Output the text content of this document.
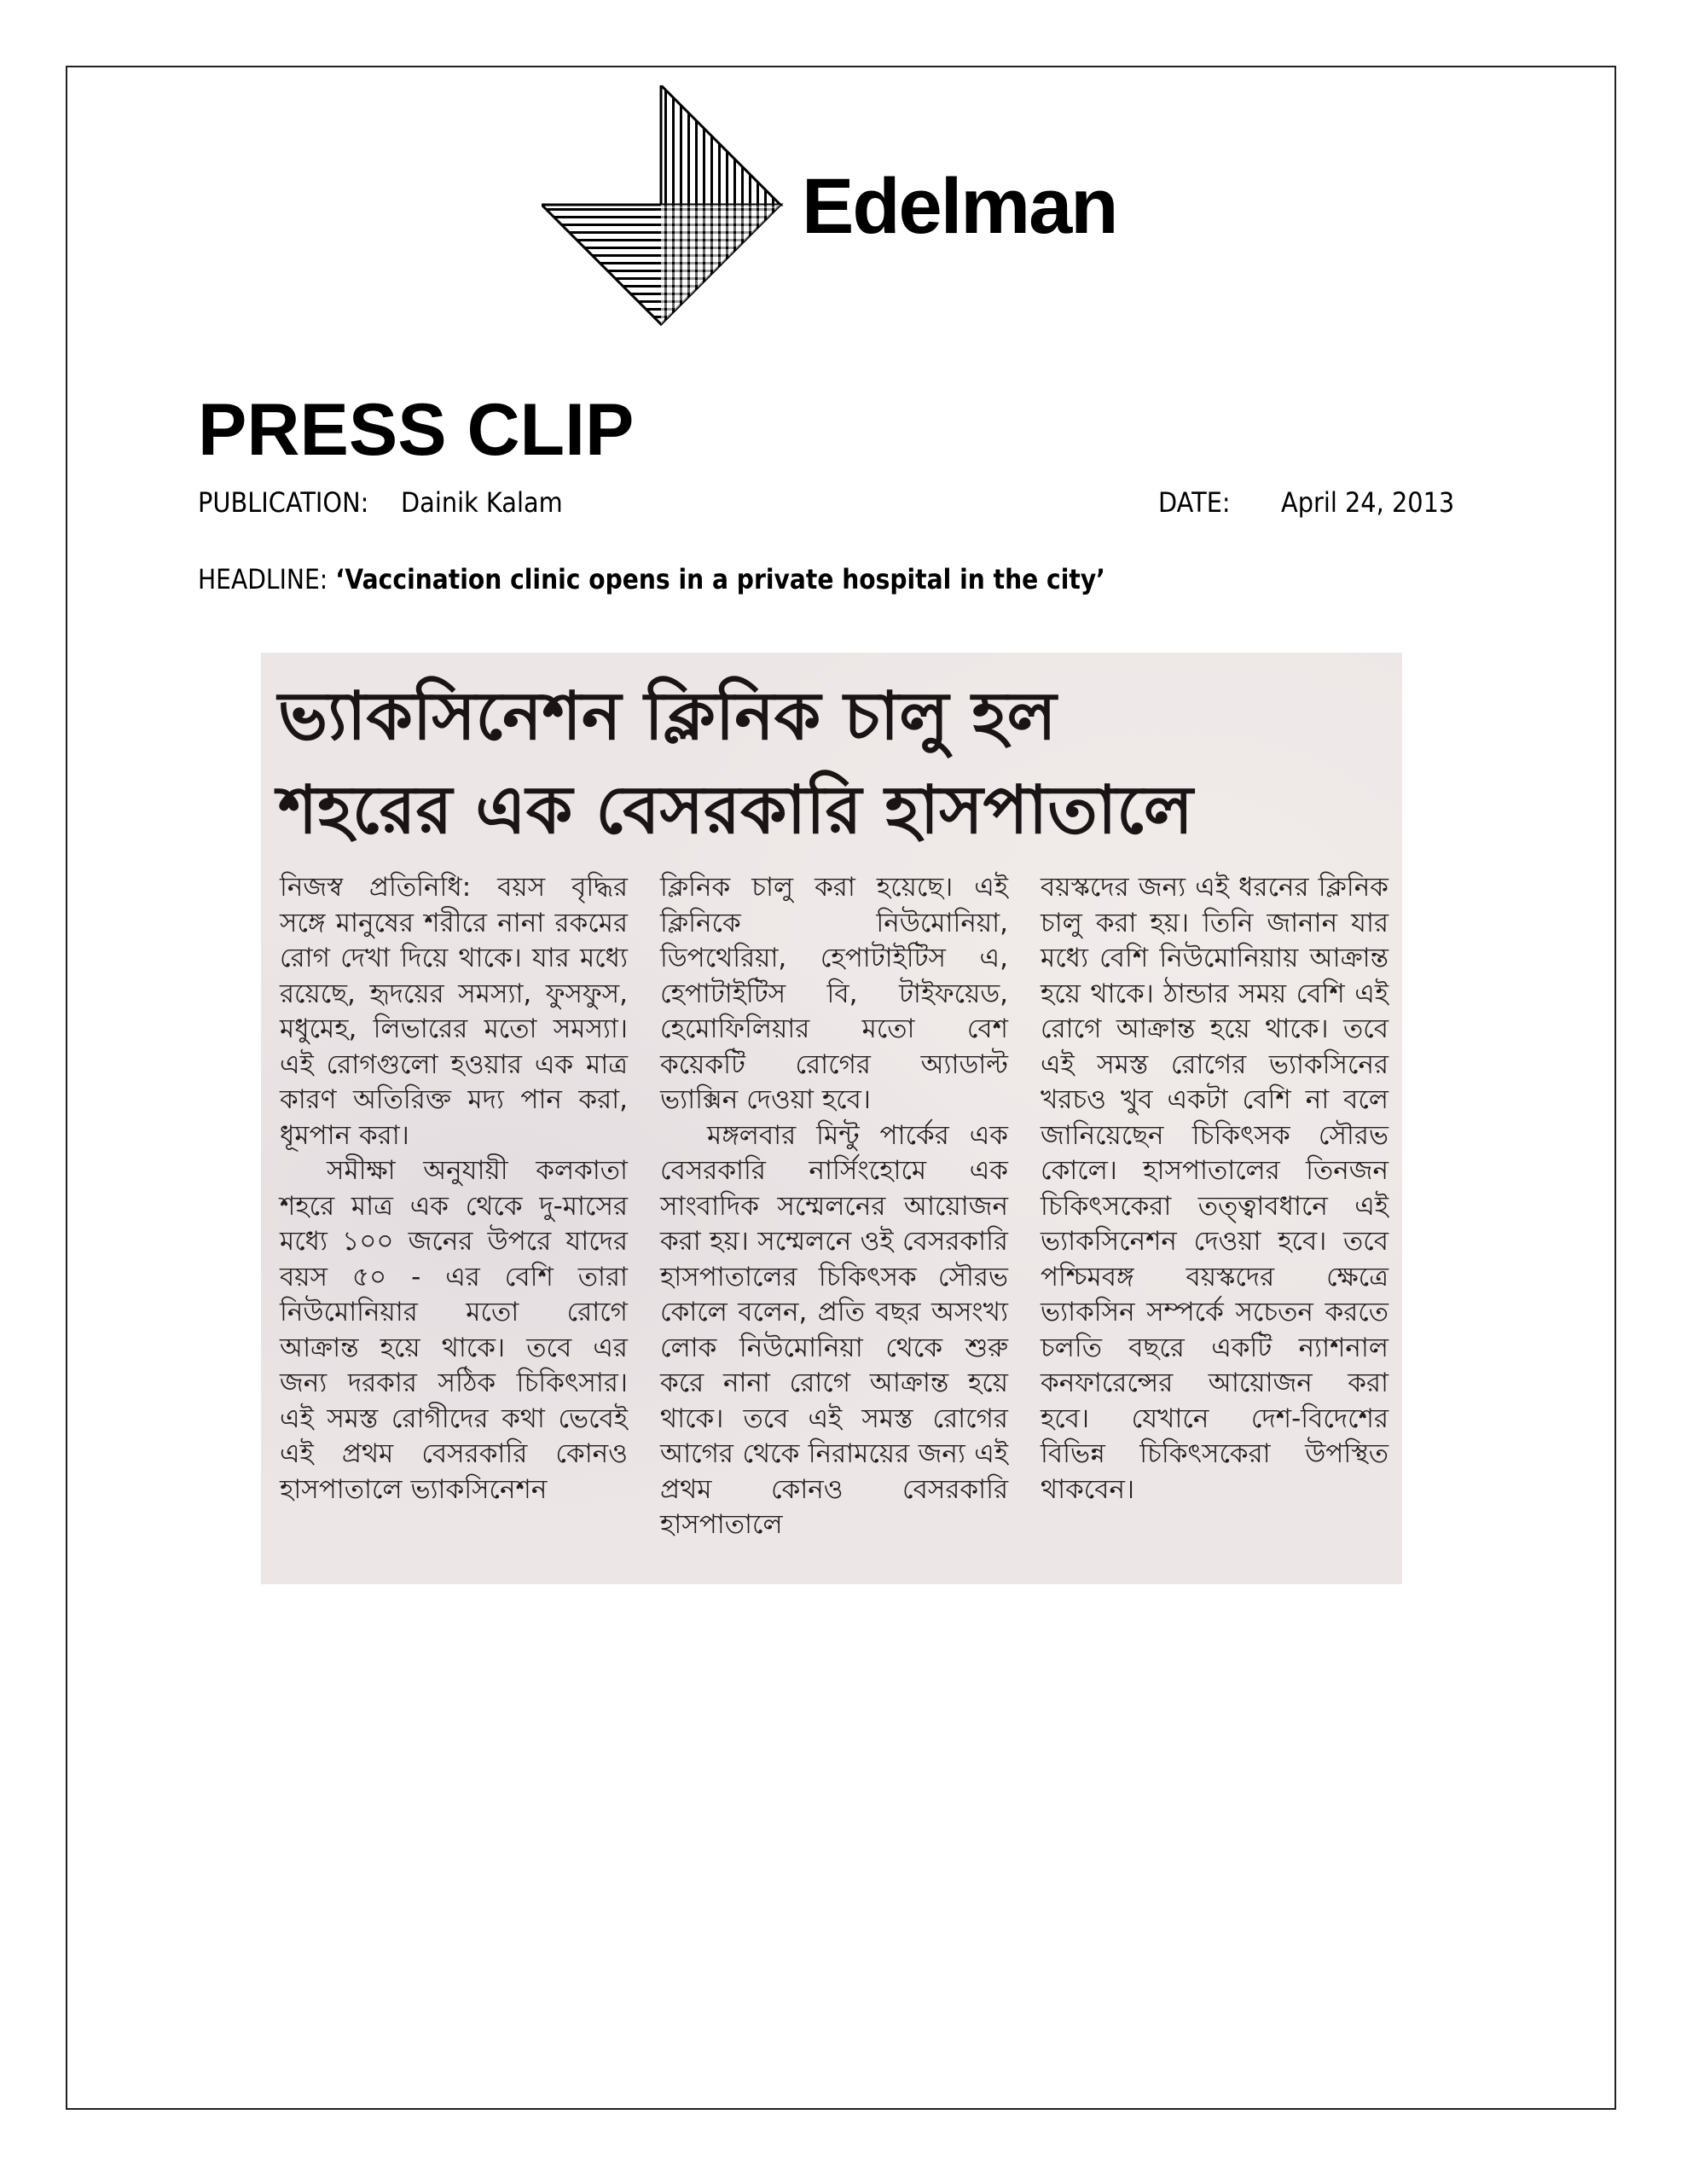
Edelman
PRESS CLIP
PUBLICATION: Dainik Kalam	DATE: April 24, 2013
HEADLINE: ‘Vaccination clinic opens in a private hospital in the city’
ভ্যাকসিনেশন ক্লিনিক চালু হল
শহরের এক বেসরকারি হাসপাতালে

নিজস্ব প্রতিনিধি: বয়স বৃদ্ধির সঙ্গে মানুষের শরীরে নানা রকমের রোগ দেখা দিয়ে থাকে। যার মধ্যে রয়েছে, হৃদয়ের সমস্যা, ফুসফুস, মধুমেহ, লিভারের মতো সমস্যা। এই রোগগুলো হওয়ার এক মাত্র কারণ অতিরিক্ত মদ্য পান করা, ধূমপান করা।

সমীক্ষা অনুযায়ী কলকাতা শহরে মাত্র এক থেকে দু-মাসের মধ্যে ১০০ জনের উপরে যাদের বয়স ৫০ - এর বেশি তারা নিউমোনিয়ার মতো রোগে আক্রান্ত হয়ে থাকে। তবে এর জন্য দরকার সঠিক চিকিৎসার। এই সমস্ত রোগীদের কথা ভেবেই এই প্রথম বেসরকারি কোনও হাসপাতালে ভ্যাকসিনেশন

ক্লিনিক চালু করা হয়েছে। এই ক্লিনিকে নিউমোনিয়া, ডিপথেরিয়া, হেপাটাইটিস এ, হেপাটাইটিস বি, টাইফয়েড, হেমোফিলিয়ার মতো বেশ কয়েকটি রোগের অ্যাডাল্ট ভ্যাক্সিন দেওয়া হবে।

মঙ্গলবার মিন্টু পার্কের এক বেসরকারি নার্সিংহোমে এক সাংবাদিক সম্মেলনের আয়োজন করা হয়। সম্মেলনে ওই বেসরকারি হাসপাতালের চিকিৎসক সৌরভ কোলে বলেন, প্রতি বছর অসংখ্য লোক নিউমোনিয়া থেকে শুরু করে নানা রোগে আক্রান্ত হয়ে থাকে। তবে এই সমস্ত রোগের আগের থেকে নিরাময়ের জন্য এই প্রথম কোনও বেসরকারি হাসপাতালে

বয়স্কদের জন্য এই ধরনের ক্লিনিক চালু করা হয়। তিনি জানান যার মধ্যে বেশি নিউমোনিয়ায় আক্রান্ত হয়ে থাকে। ঠান্ডার সময় বেশি এই রোগে আক্রান্ত হয়ে থাকে। তবে এই সমস্ত রোগের ভ্যাকসিনের খরচও খুব একটা বেশি না বলে জানিয়েছেন চিকিৎসক সৌরভ কোলে। হাসপাতালের তিনজন চিকিৎসকেরা তত্ত্বাবধানে এই ভ্যাকসিনেশন দেওয়া হবে। তবে পশ্চিমবঙ্গ বয়স্কদের ক্ষেত্রে ভ্যাকসিন সম্পর্কে সচেতন করতে চলতি বছরে একটি ন্যাশনাল কনফারেন্সের আয়োজন করা হবে। যেখানে দেশ-বিদেশের বিভিন্ন চিকিৎসকেরা উপস্থিত থাকবেন।
